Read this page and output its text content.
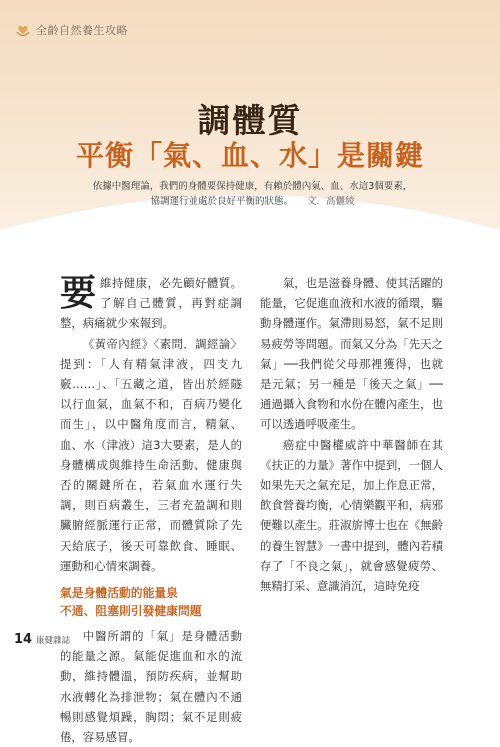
全齡自然養生攻略
調體質
平衡「氣、血、水」是關鍵

依據中醫理論，我們的身體要保持健康，有賴於體內氣、血、水這3個要素，

協調運行並處於良好平衡的狀態。 文．高儷綾

要維持健康，必先顧好體質。了解自己體質，再對症調整，病痛就少來報到。

《黃帝內經》〈素問．調經論〉提到：「人有精氣津液，四支九竅……」、「五藏之道，皆出於經隧以行血氣，血氣不和，百病乃變化而生」，以中醫角度而言，精氣、血、水（津液）這3大要素，是人的身體構成與維持生命活動、健康與否的關鍵所在，若氣血水運行失調，則百病叢生，三者充盈調和則臟腑經脈運行正常，而體質除了先天給底子，後天可靠飲食、睡眠、運動和心情來調養。

氣是身體活動的能量泉
不通、阻塞則引發健康問題

中醫所謂的「氣」是身體活動的能量之源。氣能促進血和水的流動，維持體溫，預防疾病，並幫助水液轉化為排泄物；氣在體內不通暢則感覺煩躁，胸悶；氣不足則疲倦，容易感冒。

氣，也是滋養身體、使其活躍的能量，它促進血液和水液的循環，驅動身體運作。氣滯則易怒，氣不足則易疲勞等問題。而氣又分為「先天之氣」──我們從父母那裡獲得，也就是元氣；另一種是「後天之氣」──通過攝入食物和水份在體內產生，也可以透過呼吸產生。

癌症中醫權威許中華醫師在其《扶正的力量》著作中提到，一個人如果先天之氣充足，加上作息正常，飲食營養均衡，心情樂觀平和，病邪便難以產生。莊淑旂博士也在《無齡的養生智慧》一書中提到，體內若積存了「不良之氣」，就會感覺疲勞、無精打采、意識消沉，這時免疫

14 康健雜誌
